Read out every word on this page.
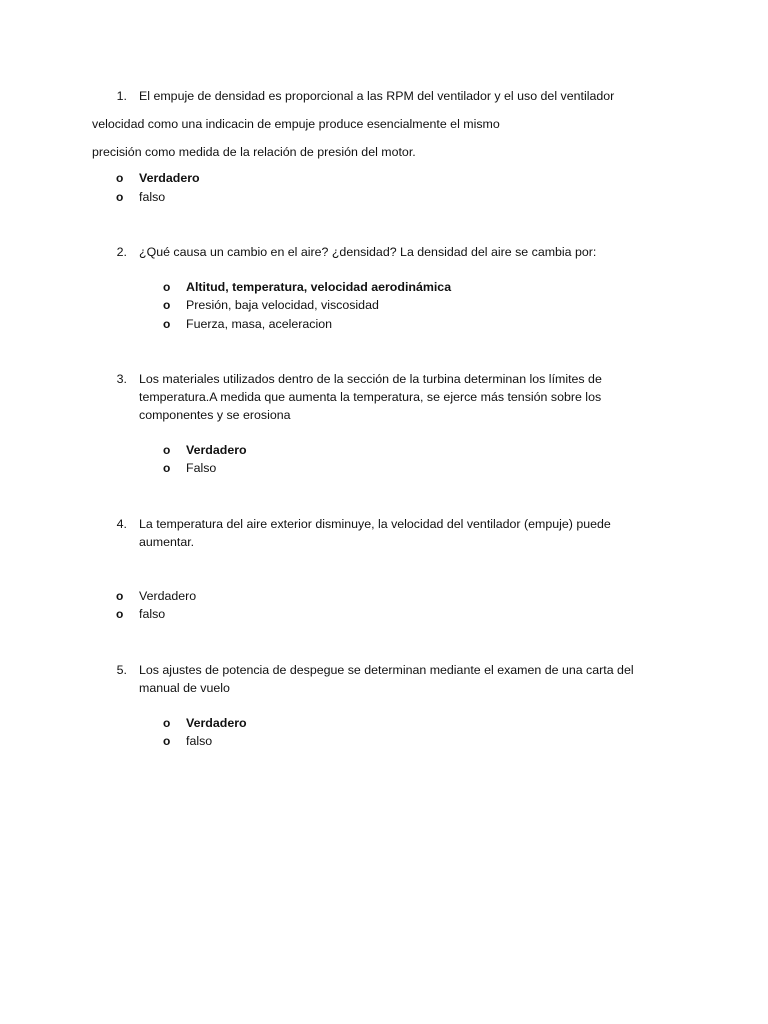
1. El empuje de densidad es proporcional a las RPM del ventilador y el uso del ventilador
velocidad como una indicacin de empuje produce esencialmente el mismo
precisión como medida de la relación de presión del motor.
o Verdadero
o falso
2. ¿Qué causa un cambio en el aire? ¿densidad? La densidad del aire se cambia por:
o Altitud, temperatura, velocidad aerodinámica
o Presión, baja velocidad, viscosidad
o Fuerza, masa, aceleracion
3. Los materiales utilizados dentro de la sección de la turbina determinan los límites de
temperatura.A medida que aumenta la temperatura, se ejerce más tensión sobre los
componentes y se erosiona
o Verdadero
o Falso
4. La temperatura del aire exterior disminuye, la velocidad del ventilador (empuje) puede
aumentar.
o Verdadero
o falso
5. Los ajustes de potencia de despegue se determinan mediante el examen de una carta del
manual de vuelo
o Verdadero
o falso
